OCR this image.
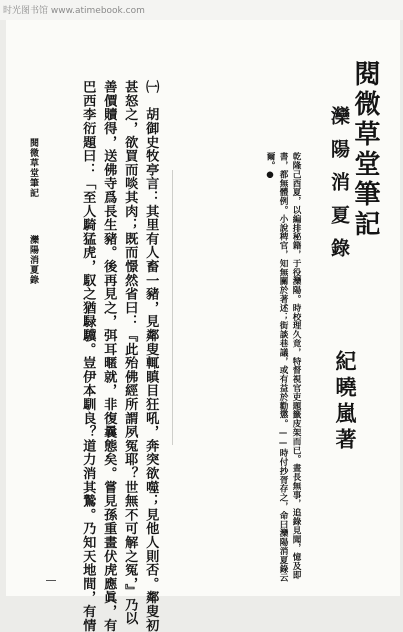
时光图书馆 www.atimebook.com
閱微草堂筆記
灤陽消夏錄
乾隆己酉夏，以編排秘籍，于役灤陽。時校理久竟，特督視官吏題籤庋架而已。晝長無事，追錄見聞，憶及即
書，都無體例。小說稗官，知無關於著述；街談巷議，或有益於勸懲。——時付抄胥存之，命曰灤陽消夏錄云
爾。●
紀曉嵐著
㈠　胡御史牧亭言：其里有人畜一豬，見鄰叟輒瞋目狂吼，奔突欲噬；見他人則否。鄰叟初
甚怒之，欲買而啖其肉；既而憬然省曰：『此殆佛經所謂夙冤耶？世無不可解之冤，』乃以
善價贖得，送佛寺爲長生豬。後再見之，弭耳暱就，非復曩態矣。嘗見孫重畫伏虎應眞，有
巴西李衍題曰：「至人騎猛虎，馭之猶騄驥。豈伊本馴良？道力消其鷙。乃知天地間，有情
閱微草堂筆記
灤陽消夏錄
